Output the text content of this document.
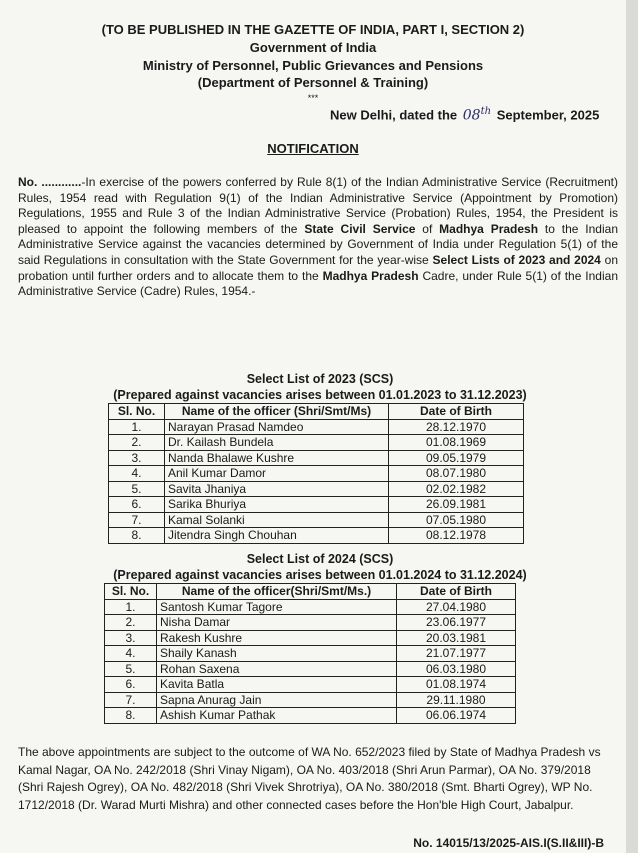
(TO BE PUBLISHED IN THE GAZETTE OF INDIA, PART I, SECTION 2)
Government of India
Ministry of Personnel, Public Grievances and Pensions
(Department of Personnel & Training)
***
New Delhi, dated the 08th September, 2025
NOTIFICATION
No. ............-In exercise of the powers conferred by Rule 8(1) of the Indian Administrative Service (Recruitment) Rules, 1954 read with Regulation 9(1) of the Indian Administrative Service (Appointment by Promotion) Regulations, 1955 and Rule 3 of the Indian Administrative Service (Probation) Rules, 1954, the President is pleased to appoint the following members of the State Civil Service of Madhya Pradesh to the Indian Administrative Service against the vacancies determined by Government of India under Regulation 5(1) of the said Regulations in consultation with the State Government for the year-wise Select Lists of 2023 and 2024 on probation until further orders and to allocate them to the Madhya Pradesh Cadre, under Rule 5(1) of the Indian Administrative Service (Cadre) Rules, 1954.-
Select List of 2023 (SCS)
(Prepared against vacancies arises between 01.01.2023 to 31.12.2023)
Sl. No.	Name of the officer (Shri/Smt/Ms)	Date of Birth
1.	Narayan Prasad Namdeo	28.12.1970
2.	Dr. Kailash Bundela	01.08.1969
3.	Nanda Bhalawe Kushre	09.05.1979
4.	Anil Kumar Damor	08.07.1980
5.	Savita Jhaniya	02.02.1982
6.	Sarika Bhuriya	26.09.1981
7.	Kamal Solanki	07.05.1980
8.	Jitendra Singh Chouhan	08.12.1978
Select List of 2024 (SCS)
(Prepared against vacancies arises between 01.01.2024 to 31.12.2024)
Sl. No.	Name of the officer(Shri/Smt/Ms.)	Date of Birth
1.	Santosh Kumar Tagore	27.04.1980
2.	Nisha Damar	23.06.1977
3.	Rakesh Kushre	20.03.1981
4.	Shaily Kanash	21.07.1977
5.	Rohan Saxena	06.03.1980
6.	Kavita Batla	01.08.1974
7.	Sapna Anurag Jain	29.11.1980
8.	Ashish Kumar Pathak	06.06.1974
The above appointments are subject to the outcome of WA No. 652/2023 filed by State of Madhya Pradesh vs Kamal Nagar, OA No. 242/2018 (Shri Vinay Nigam), OA No. 403/2018 (Shri Arun Parmar), OA No. 379/2018 (Shri Rajesh Ogrey), OA No. 482/2018 (Shri Vivek Shrotriya), OA No. 380/2018 (Smt. Bharti Ogrey), WP No. 1712/2018 (Dr. Warad Murti Mishra) and other connected cases before the Hon'ble High Court, Jabalpur.
No. 14015/13/2025-AIS.I(S.II&III)-B
